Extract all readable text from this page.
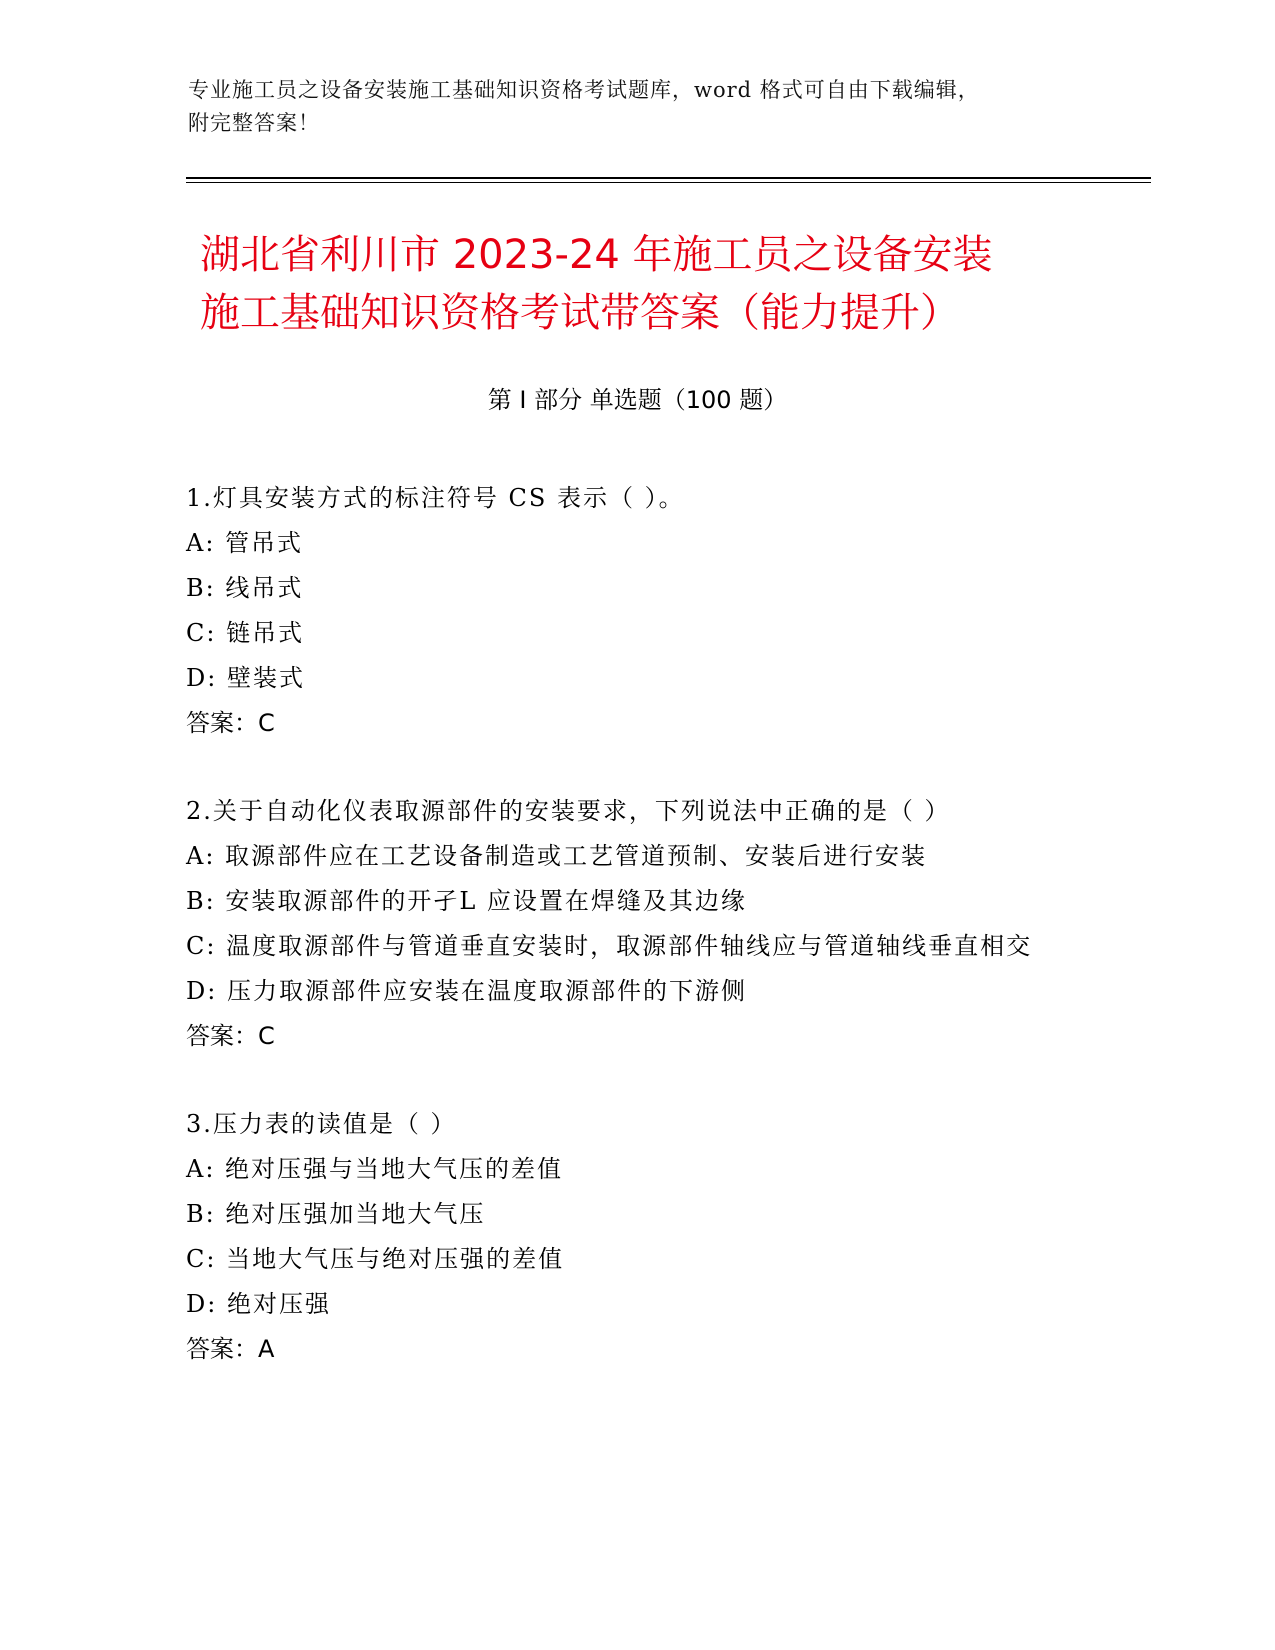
专业施工员之设备安装施工基础知识资格考试题库，word 格式可自由下载编辑，
附完整答案！
湖北省利川市 2023-24 年施工员之设备安装
施工基础知识资格考试带答案（能力提升）
第 I 部分 单选题（100 题）

1.灯具安装方式的标注符号 CS 表示（ ）。

A: 管吊式

B: 线吊式

C: 链吊式

D: 壁装式

答案：C

2.关于自动化仪表取源部件的安装要求，下列说法中正确的是（ ）

A: 取源部件应在工艺设备制造或工艺管道预制、安装后进行安装

B: 安装取源部件的开孑L 应设置在焊缝及其边缘

C: 温度取源部件与管道垂直安装时，取源部件轴线应与管道轴线垂直相交

D: 压力取源部件应安装在温度取源部件的下游侧

答案：C

3.压力表的读值是（ ）

A: 绝对压强与当地大气压的差值

B: 绝对压强加当地大气压

C: 当地大气压与绝对压强的差值

D: 绝对压强

答案：A
